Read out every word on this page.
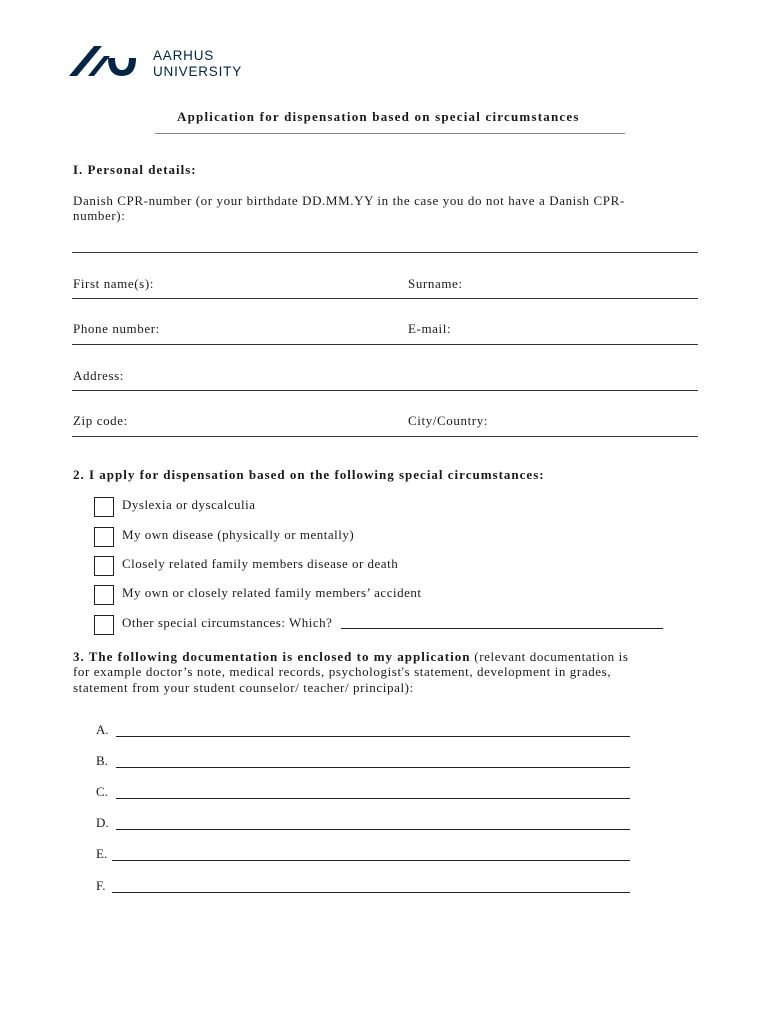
AARHUS
UNIVERSITY
Application for dispensation based on special circumstances
I. Personal details:
Danish CPR-number (or your birthdate DD.MM.YY in the case you do not have a Danish CPR-
number):
First name(s):	Surname:
Phone number:	E-mail:
Address:
Zip code:	City/Country:
2. I apply for dispensation based on the following special circumstances:
Dyslexia or dyscalculia
My own disease (physically or mentally)
Closely related family members disease or death
My own or closely related family members’ accident
Other special circumstances: Which?
3. The following documentation is enclosed to my application (relevant documentation is
for example doctor’s note, medical records, psychologist's statement, development in grades,
statement from your student counselor/ teacher/ principal):
A.
B.
C.
D.
E.
F.
